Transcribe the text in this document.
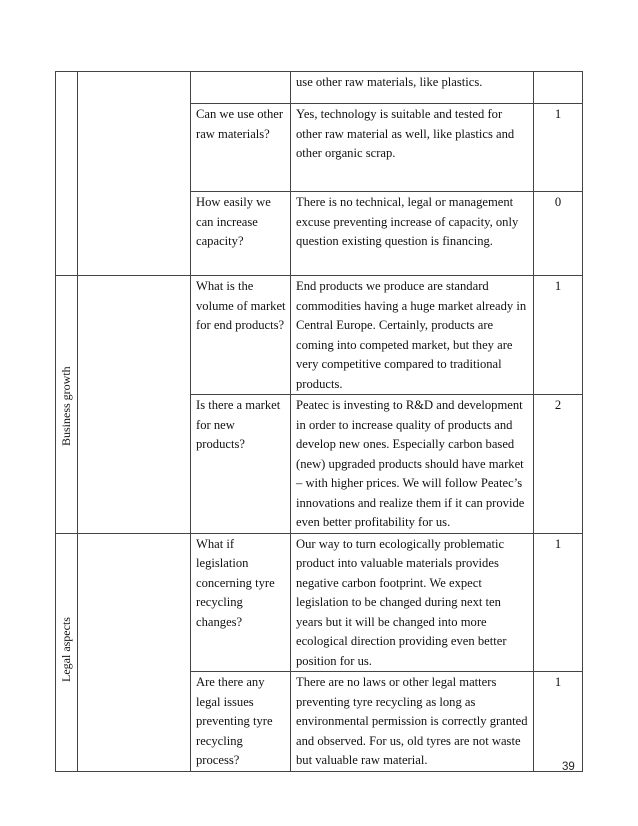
			use other raw materials, like plastics.	

		Can we use other raw materials?	Yes, technology is suitable and tested for other raw material as well, like plastics and other organic scrap.	1

		How easily we can increase capacity?	There is no technical, legal or management excuse preventing increase of capacity, only question existing question is financing.	0

Business growth		What is the volume of market for end products?	End products we produce are standard commodities having a huge market already in Central Europe. Certainly, products are coming into competed market, but they are very competitive compared to traditional products.	1

		Is there a market for new products?	Peatec is investing to R&D and development in order to increase quality of products and develop new ones. Especially carbon based (new) upgraded products should have market – with higher prices. We will follow Peatec’s innovations and realize them if it can provide even better profitability for us.	2

Legal aspects		What if legislation concerning tyre recycling changes?	Our way to turn ecologically problematic product into valuable materials provides negative carbon footprint. We expect legislation to be changed during next ten years but it will be changed into more ecological direction providing even better position for us.	1

		Are there any legal issues preventing tyre recycling process?	There are no laws or other legal matters preventing tyre recycling as long as environmental permission is correctly granted and observed. For us, old tyres are not waste but valuable raw material.	1
39
